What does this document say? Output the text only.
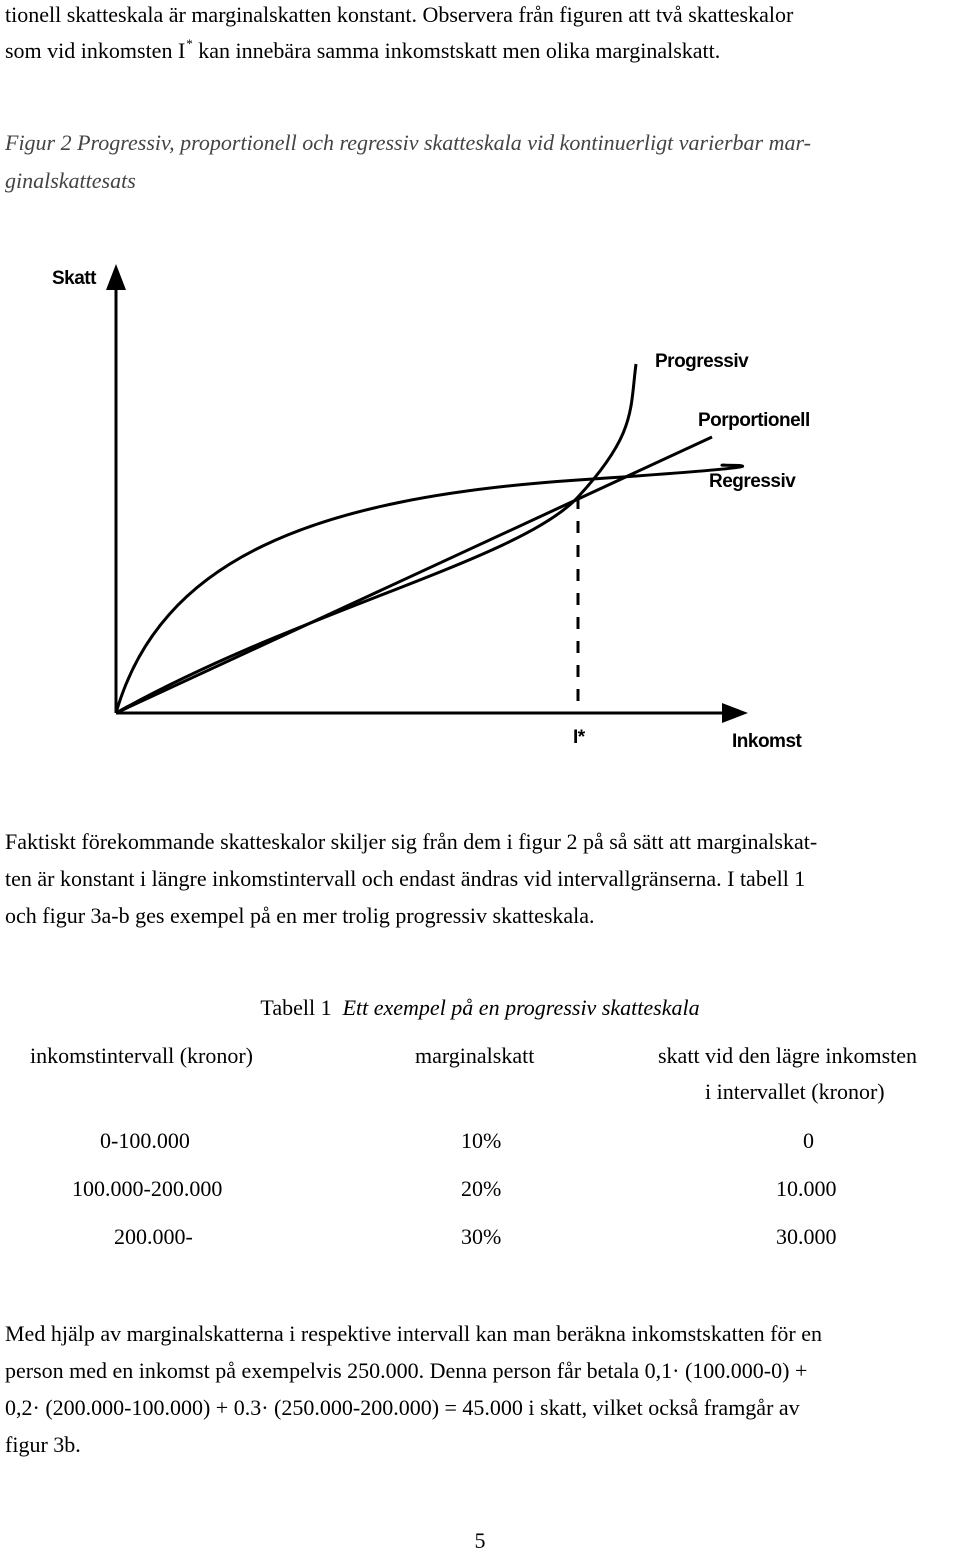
tionell skatteskala är marginalskatten konstant. Observera från figuren att två skatteskalor
som vid inkomsten I* kan innebära samma inkomstskatt men olika marginalskatt.
Figur 2 Progressiv, proportionell och regressiv skatteskala vid kontinuerligt varierbar mar-
ginalskattesats
Skatt
Inkomst
I*
Progressiv
Porportionell
Regressiv
Faktiskt förekommande skatteskalor skiljer sig från dem i figur 2 på så sätt att marginalskat-
ten är konstant i längre inkomstintervall och endast ändras vid intervallgränserna. I tabell 1
och figur 3a-b ges exempel på en mer trolig progressiv skatteskala.
Tabell 1 Ett exempel på en progressiv skatteskala
inkomstintervall (kronor)	marginalskatt	skatt vid den lägre inkomsten
i intervallet (kronor)
0-100.000	10%	0
100.000-200.000	20%	10.000
200.000-	30%	30.000
Med hjälp av marginalskatterna i respektive intervall kan man beräkna inkomstskatten för en
person med en inkomst på exempelvis 250.000. Denna person får betala 0,1· (100.000-0) +
0,2· (200.000-100.000) + 0.3· (250.000-200.000) = 45.000 i skatt, vilket också framgår av
figur 3b.
5
